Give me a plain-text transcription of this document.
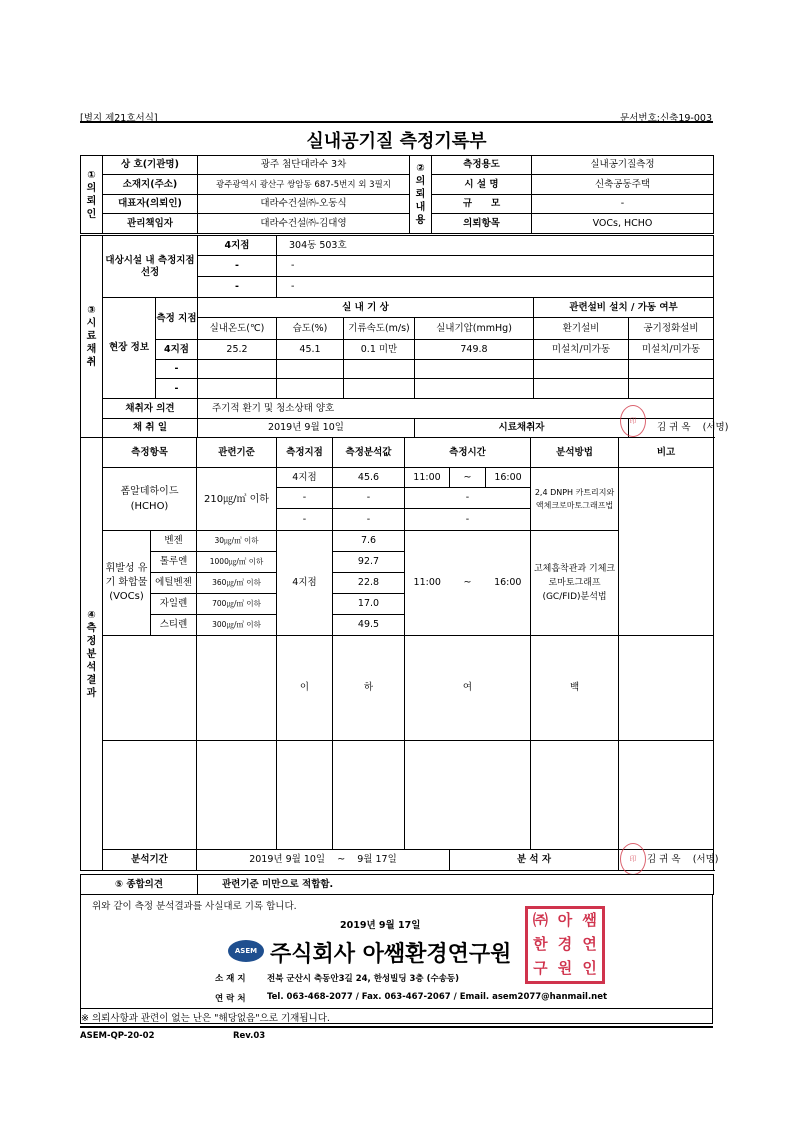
[별지 제21호서식]	문서번호:신축19-003
실내공기질 측정기록부
① 의 뢰 인	상 호(기관명)	광주 첨단대라수 3차	② 의 뢰 내 용	측정용도	실내공기질측정
	소재지(주소)	광주광역시 광산구 쌍암동 687-5번지 외 3필지		시 설 명	신축공동주택
	대표자(의뢰인)	대라수건설㈜-오동식		규　　모	-
	관리책임자	대라수건설㈜-김대영		의뢰항목	VOCs, HCHO
③ 시 료 채 취	대상시설 내 측정지점 선정		4지점	304동 503호				
			-	-				
			-	-				
	현장 정보	측정 지점	실 내 기 상				관련설비 설치 / 가동 여부	
			실내온도(℃)	습도(%)	기류속도(m/s)	실내기압(mmHg)	환기설비	공기정화설비
		4지점	25.2	45.1	0.1 미만	749.8	미설치/미가동	미설치/미가동
		-						
		-						
	채취자 의견		주기적 환기 및 청소상태 양호					
	채 취 일		2019년 9월 10일			시료채취자		김 귀 옥 (서명)
印
④ 측 정 분 석 결 과	측정항목		관련기준	측정지점	측정분석값	측정시간			분석방법	비고	
	폼알데하이드 (HCHO)		210㎍/㎥ 이하	4지점	45.6	11:00	~	16:00	2,4 DNPH 카트리지와 액체크로마토그래프법		
				-	-	-					
				-	-	-					
	휘발성 유기 화합물 (VOCs)	벤젠	30㎍/㎥ 이하	4지점	7.6	11:00	~	16:00	고체흡착관과 기체크로마토그래프 (GC/FID)분석법		
		톨루엔	1000㎍/㎥ 이하		92.7						
		에틸벤젠	360㎍/㎥ 이하		22.8						
		자일렌	700㎍/㎥ 이하		17.0						
		스티렌	300㎍/㎥ 이하		49.5						
				이	하	여			백		

	분석기간		2019년 9월 10일 ~ 9월 17일				분 석 자			김 귀 옥 (서명)	
印
⑤ 종합의견	관련기준 미만으로 적합함.
위와 같이 측정 분석결과를 사실대로 기록 합니다.
2019년 9월 17일
ASEM 주식회사 아쌤환경연구원
소 재 지	전북 군산시 축동안3길 24, 한성빌딩 3층 (수송동)
연 락 처	Tel. 063-468-2077 / Fax. 063-467-2067 / Email. asem2077@hanmail.net
※ 의뢰사항과 관련이 없는 난은 "해당없음"으로 기재됩니다.
㈜ 아 쌤
한 경 연
구 원 인
ASEM-QP-20-02	Rev.03
